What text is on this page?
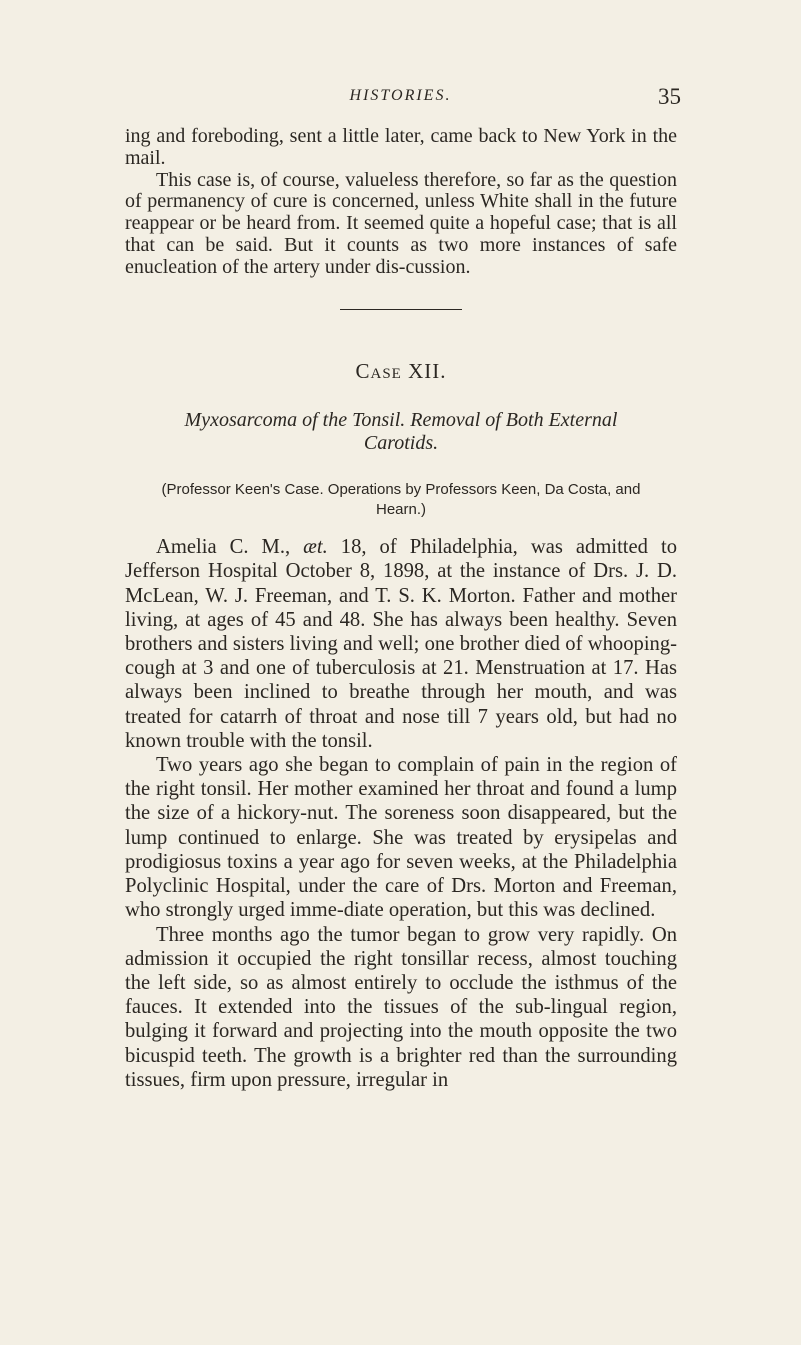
HISTORIES.	35

ing and foreboding, sent a little later, came back to New York in the mail.

This case is, of course, valueless therefore, so far as the question of permanency of cure is concerned, unless White shall in the future reappear or be heard from. It seemed quite a hopeful case; that is all that can be said. But it counts as two more instances of safe enucleation of the artery under dis-cussion.

Case XII.
Myxosarcoma of the Tonsil. Removal of Both External Carotids.
(Professor Keen's Case. Operations by Professors Keen, Da Costa, and Hearn.)

Amelia C. M., æt. 18, of Philadelphia, was admitted to Jefferson Hospital October 8, 1898, at the instance of Drs. J. D. McLean, W. J. Freeman, and T. S. K. Morton. Father and mother living, at ages of 45 and 48. She has always been healthy. Seven brothers and sisters living and well; one brother died of whooping-cough at 3 and one of tuberculosis at 21. Menstruation at 17. Has always been inclined to breathe through her mouth, and was treated for catarrh of throat and nose till 7 years old, but had no known trouble with the tonsil.

Two years ago she began to complain of pain in the region of the right tonsil. Her mother examined her throat and found a lump the size of a hickory-nut. The soreness soon disappeared, but the lump continued to enlarge. She was treated by erysipelas and prodigiosus toxins a year ago for seven weeks, at the Philadelphia Polyclinic Hospital, under the care of Drs. Morton and Freeman, who strongly urged imme-diate operation, but this was declined.

Three months ago the tumor began to grow very rapidly. On admission it occupied the right tonsillar recess, almost touching the left side, so as almost entirely to occlude the isthmus of the fauces. It extended into the tissues of the sub-lingual region, bulging it forward and projecting into the mouth opposite the two bicuspid teeth. The growth is a brighter red than the surrounding tissues, firm upon pressure, irregular in
